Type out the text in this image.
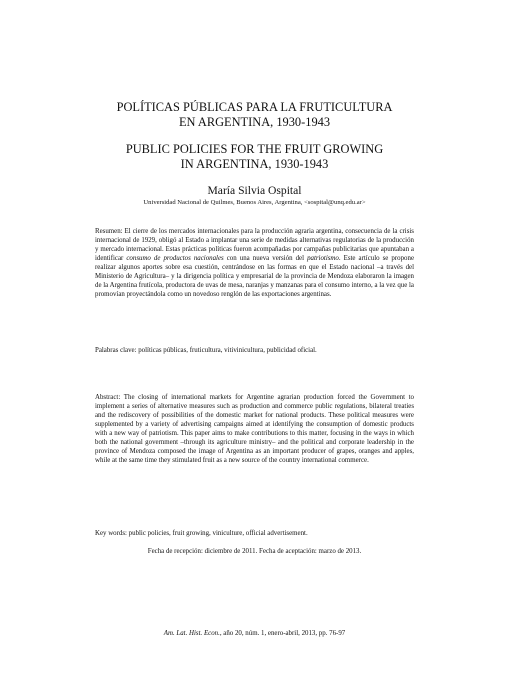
POLÍTICAS PÚBLICAS PARA LA FRUTICULTURA
EN ARGENTINA, 1930-1943
PUBLIC POLICIES FOR THE FRUIT GROWING
IN ARGENTINA, 1930-1943
María Silvia Ospital
Universidad Nacional de Quilmes, Buenos Aires, Argentina, <sospital@unq.edu.ar>
Resumen: El cierre de los mercados internacionales para la producción agraria argentina, consecuencia de la crisis internacional de 1929, obligó al Estado a implantar una serie de medidas alternativas regulatorias de la producción y mercado internacional. Estas prácticas políticas fueron acompañadas por campañas publicitarias que apuntaban a identificar consumo de productos nacionales con una nueva versión del patriotismo. Este artículo se propone realizar algunos aportes sobre esa cuestión, centrándose en las formas en que el Estado nacional –a través del Ministerio de Agricultura– y la dirigencia política y empresarial de la provincia de Mendoza elaboraron la imagen de la Argentina frutícola, productora de uvas de mesa, naranjas y manzanas para el consumo interno, a la vez que la promovían proyectándola como un novedoso renglón de las exportaciones argentinas.
Palabras clave: políticas públicas, fruticultura, vitivinicultura, publicidad oficial.
Abstract: The closing of international markets for Argentine agrarian production forced the Government to implement a series of alternative measures such as production and commerce public regulations, bilateral treaties and the rediscovery of possibilities of the domestic market for national products. These political measures were supplemented by a variety of advertising campaigns aimed at identifying the consumption of domestic products with a new way of patriotism. This paper aims to make contributions to this matter, focusing in the ways in which both the national government –through its agriculture ministry– and the political and corporate leadership in the province of Mendoza composed the image of Argentina as an important producer of grapes, oranges and apples, while at the same time they stimulated fruit as a new source of the country international commerce.
Key words: public policies, fruit growing, viniculture, official advertisement.
Fecha de recepción: diciembre de 2011. Fecha de aceptación: marzo de 2013.
Am. Lat. Hist. Econ., año 20, núm. 1, enero-abril, 2013, pp. 76-97
